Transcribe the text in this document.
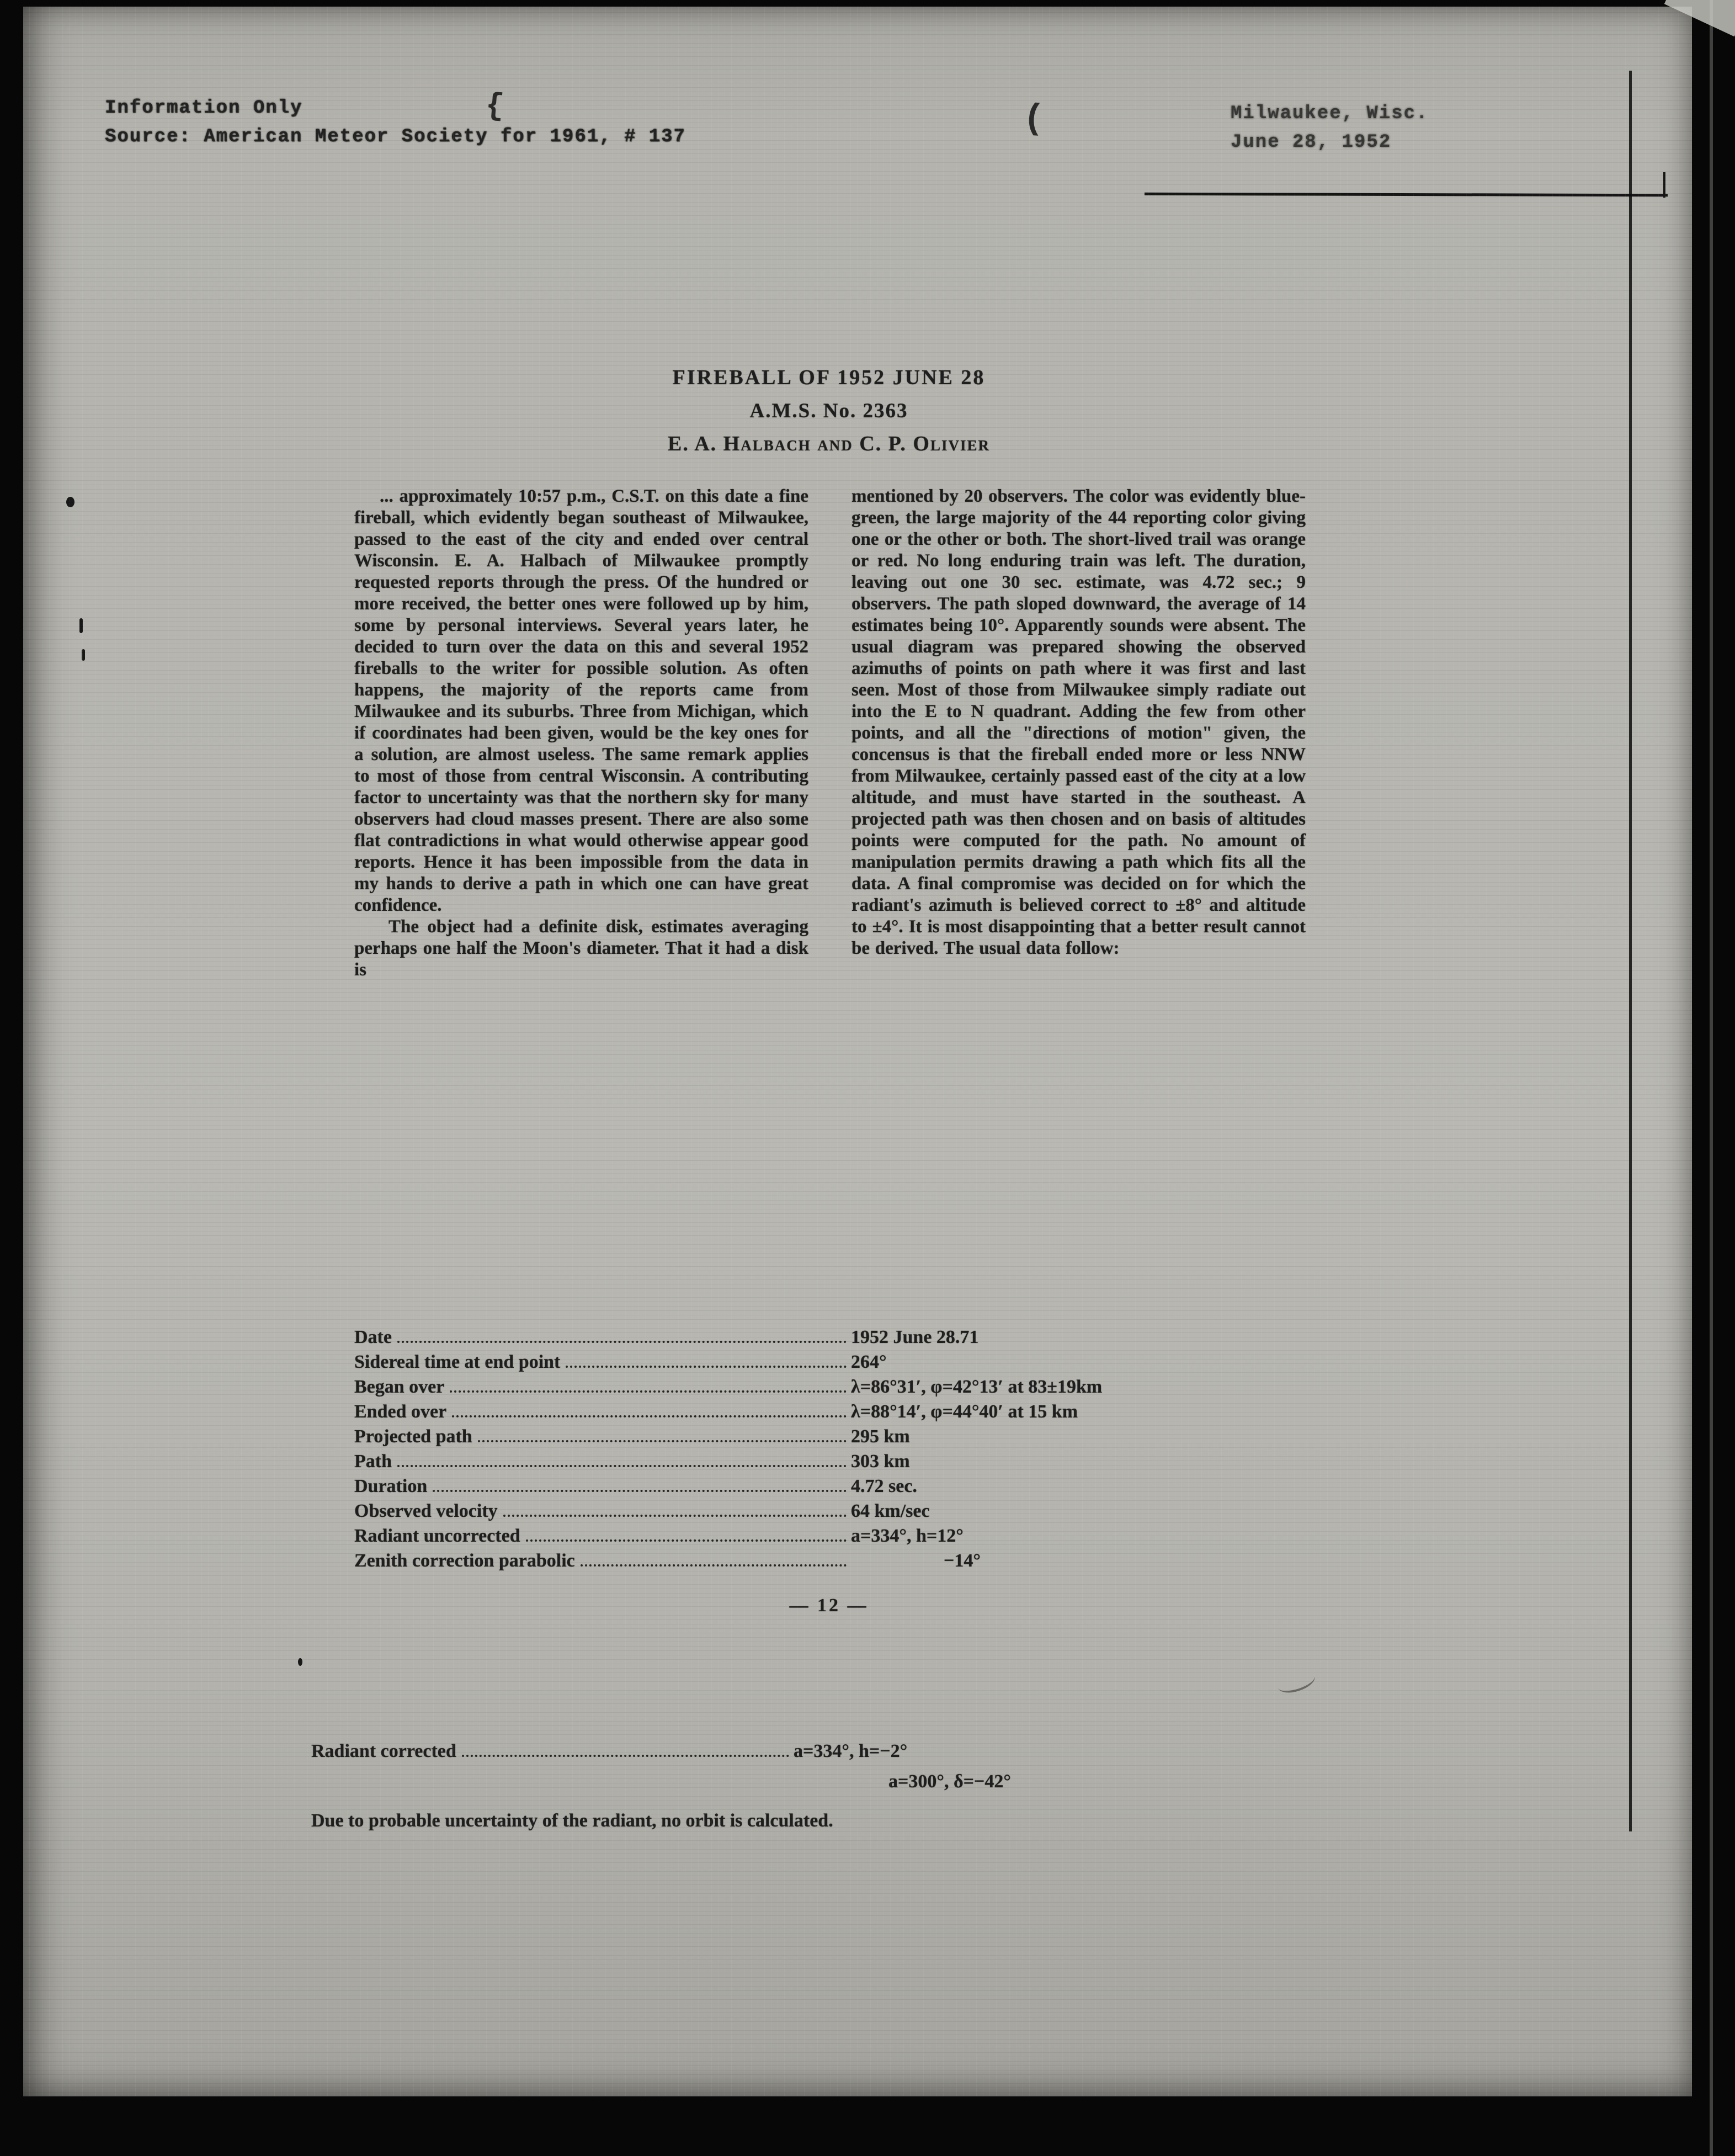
Information Only
Source: American Meteor Society for 1961, # 137
Milwaukee, Wisc.
June 28, 1952
{	(
FIREBALL OF 1952 JUNE 28
A.M.S. No. 2363
E. A. Halbach and C. P. Olivier

... approximately 10:57 p.m., C.S.T. on this date a fine fireball, which evidently began southeast of Milwaukee, passed to the east of the city and ended over central Wisconsin. E. A. Halbach of Milwaukee promptly requested reports through the press. Of the hundred or more received, the better ones were followed up by him, some by personal interviews. Several years later, he decided to turn over the data on this and several 1952 fireballs to the writer for possible solution. As often happens, the majority of the reports came from Milwaukee and its suburbs. Three from Michigan, which if coordinates had been given, would be the key ones for a solution, are almost useless. The same remark applies to most of those from central Wisconsin. A contributing factor to uncertainty was that the northern sky for many observers had cloud masses present. There are also some flat contradictions in what would otherwise appear good reports. Hence it has been impossible from the data in my hands to derive a path in which one can have great confidence.

The object had a definite disk, estimates averaging perhaps one half the Moon's diameter. That it had a disk is

mentioned by 20 observers. The color was evidently blue-green, the large majority of the 44 reporting color giving one or the other or both. The short-lived trail was orange or red. No long enduring train was left. The duration, leaving out one 30 sec. estimate, was 4.72 sec.; 9 observers. The path sloped downward, the average of 14 estimates being 10°. Apparently sounds were absent. The usual diagram was prepared showing the observed azimuths of points on path where it was first and last seen. Most of those from Milwaukee simply radiate out into the E to N quadrant. Adding the few from other points, and all the "directions of motion" given, the concensus is that the fireball ended more or less NNW from Milwaukee, certainly passed east of the city at a low altitude, and must have started in the southeast. A projected path was then chosen and on basis of altitudes points were computed for the path. No amount of manipulation permits drawing a path which fits all the data. A final compromise was decided on for which the radiant's azimuth is believed correct to ±8° and altitude to ±4°. It is most disappointing that a better result cannot be derived. The usual data follow:

Date	1952 June 28.71
Sidereal time at end point	264°
Began over	λ=86°31′, φ=42°13′ at 83±19km
Ended over	λ=88°14′, φ=44°40′ at 15 km
Projected path	295 km
Path	303 km
Duration	4.72 sec.
Observed velocity	64 km/sec
Radiant uncorrected	a=334°, h=12°
Zenith correction parabolic	−14°
— 12 —
Radiant corrected	a=334°, h=−2°
a=300°, δ=−42°
Due to probable uncertainty of the radiant, no orbit is calculated.
